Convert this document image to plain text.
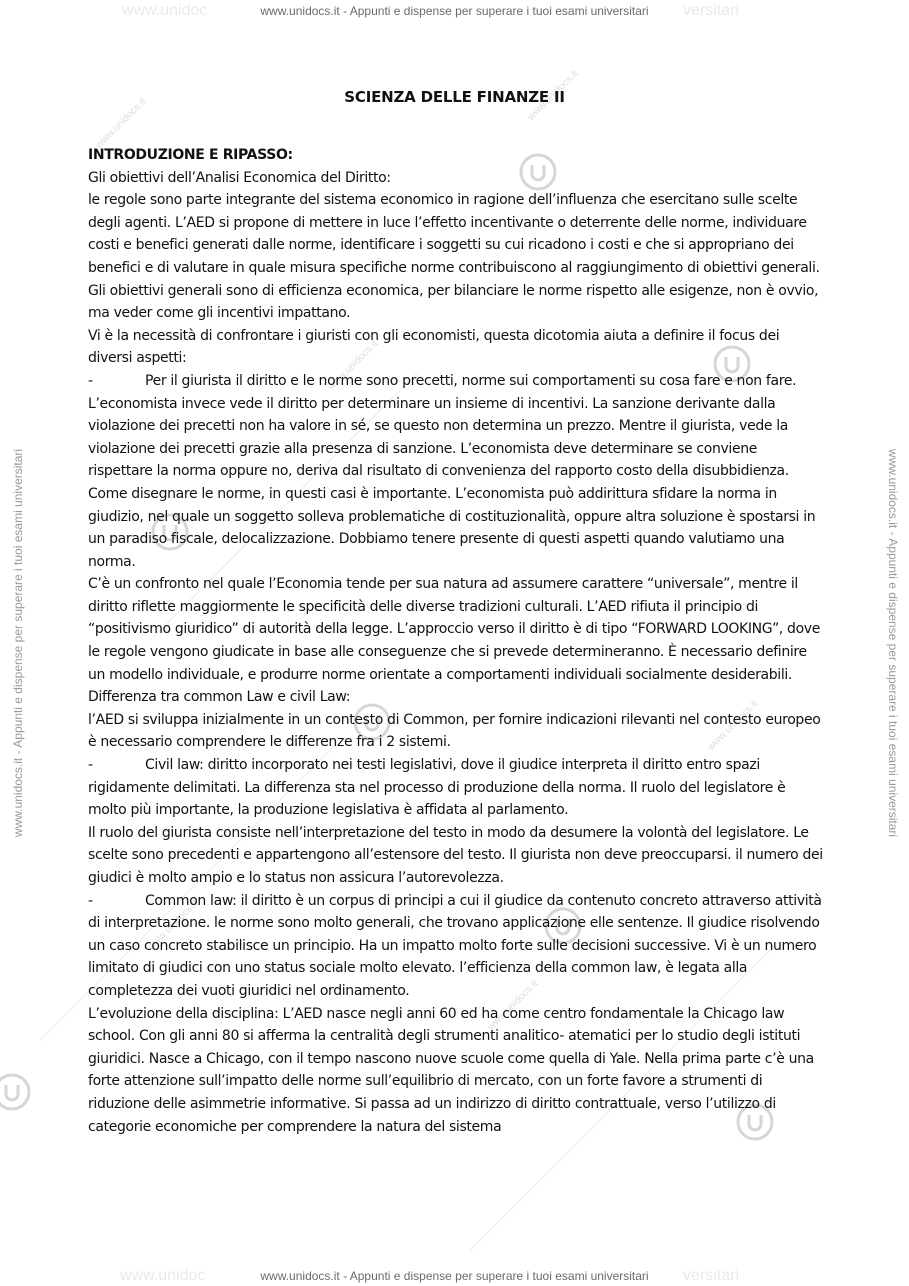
www.unidoc	versitari
www.unidocs.it - Appunti e dispense per superare i tuoi esami universitari
www.unidoc	versitari
www.unidocs.it - Appunti e dispense per superare i tuoi esami universitari
www.unidocs.it - Appunti e dispense per superare i tuoi esami universitari	www.unidocs.it - Appunti e dispense per superare i tuoi esami universitari
www.unidocs.it
www.unidocs.it
www.unidocs.it
www.unidocs.it
www.unidocs.it
www.unidocs.it
SCIENZA DELLE FINANZE II

INTRODUZIONE E RIPASSO:

Gli obiettivi dell’Analisi Economica del Diritto:

le regole sono parte integrante del sistema economico in ragione dell’influenza che esercitano sulle scelte degli agenti. L’AED si propone di mettere in luce l’effetto incentivante o deterrente delle norme, individuare costi e benefici generati dalle norme, identificare i soggetti su cui ricadono i costi e che si appropriano dei benefici e di valutare in quale misura specifiche norme contribuiscono al raggiungimento di obiettivi generali. Gli obiettivi generali sono di efficienza economica, per bilanciare le norme rispetto alle esigenze, non è ovvio, ma veder come gli incentivi impattano.

Vi è la necessità di confrontare i giuristi con gli economisti, questa dicotomia aiuta a definire il focus dei diversi aspetti:

-	Per il giurista il diritto e le norme sono precetti, norme sui comportamenti su cosa fare e non fare. L’economista invece vede il diritto per determinare un insieme di incentivi. La sanzione derivante dalla violazione dei precetti non ha valore in sé, se questo non determina un prezzo. Mentre il giurista, vede la violazione dei precetti grazie alla presenza di sanzione. L’economista deve determinare se conviene rispettare la norma oppure no, deriva dal risultato di convenienza del rapporto costo della disubbidienza. Come disegnare le norme, in questi casi è importante. L’economista può addirittura sfidare la norma in giudizio, nel quale un soggetto solleva problematiche di costituzionalità, oppure altra soluzione è spostarsi in un paradiso fiscale, delocalizzazione. Dobbiamo tenere presente di questi aspetti quando valutiamo una norma.

C’è un confronto nel quale l’Economia tende per sua natura ad assumere carattere “universale”, mentre il diritto riflette maggiormente le specificità delle diverse tradizioni culturali. L’AED rifiuta il principio di “positivismo giuridico” di autorità della legge. L’approccio verso il diritto è di tipo “FORWARD LOOKING”, dove le regole vengono giudicate in base alle conseguenze che si prevede determineranno. È necessario definire un modello individuale, e produrre norme orientate a comportamenti individuali socialmente desiderabili.

Differenza tra common Law e civil Law:

l’AED si sviluppa inizialmente in un contesto di Common, per fornire indicazioni rilevanti nel contesto europeo è necessario comprendere le differenze fra i 2 sistemi.

-	Civil law: diritto incorporato nei testi legislativi, dove il giudice interpreta il diritto entro spazi rigidamente delimitati. La differenza sta nel processo di produzione della norma. Il ruolo del legislatore è molto più importante, la produzione legislativa è affidata al parlamento.

Il ruolo del giurista consiste nell’interpretazione del testo in modo da desumere la volontà del legislatore. Le scelte sono precedenti e appartengono all’estensore del testo. Il giurista non deve preoccuparsi. il numero dei giudici è molto ampio e lo status non assicura l’autorevolezza.

-	Common law: il diritto è un corpus di principi a cui il giudice da contenuto concreto attraverso attività di interpretazione. le norme sono molto generali, che trovano applicazione elle sentenze. Il giudice risolvendo un caso concreto stabilisce un principio. Ha un impatto molto forte sulle decisioni successive. Vi è un numero limitato di giudici con uno status sociale molto elevato. l’efficienza della common law, è legata alla completezza dei vuoti giuridici nel ordinamento.

L’evoluzione della disciplina: L’AED nasce negli anni 60 ed ha come centro fondamentale la Chicago law school. Con gli anni 80 si afferma la centralità degli strumenti analitico- atematici per lo studio degli istituti giuridici. Nasce a Chicago, con il tempo nascono nuove scuole come quella di Yale. Nella prima parte c’è una forte attenzione sull’impatto delle norme sull’equilibrio di mercato, con un forte favore a strumenti di riduzione delle asimmetrie informative. Si passa ad un indirizzo di diritto contrattuale, verso l’utilizzo di categorie economiche per comprendere la natura del sistema
